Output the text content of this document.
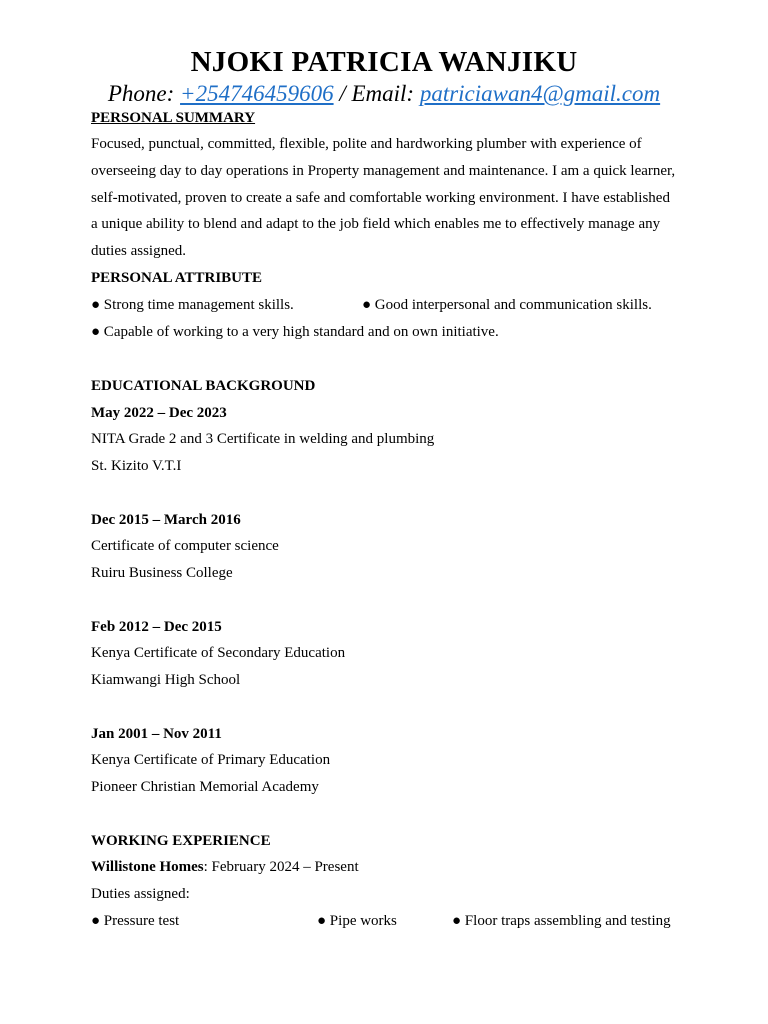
NJOKI PATRICIA WANJIKU
Phone: +254746459606 / Email: patriciawan4@gmail.com
PERSONAL SUMMARY
Focused, punctual, committed, flexible, polite and hardworking plumber with experience of
overseeing day to day operations in Property management and maintenance. I am a quick learner,
self-motivated, proven to create a safe and comfortable working environment. I have established
a unique ability to blend and adapt to the job field which enables me to effectively manage any
duties assigned.
PERSONAL ATTRIBUTE
● Strong time management skills.	● Good interpersonal and communication skills.
● Capable of working to a very high standard and on own initiative.
EDUCATIONAL BACKGROUND
May 2022 – Dec 2023
NITA Grade 2 and 3 Certificate in welding and plumbing
St. Kizito V.T.I
Dec 2015 – March 2016
Certificate of computer science
Ruiru Business College
Feb 2012 – Dec 2015
Kenya Certificate of Secondary Education
Kiamwangi High School
Jan 2001 – Nov 2011
Kenya Certificate of Primary Education
Pioneer Christian Memorial Academy
WORKING EXPERIENCE
Willistone Homes: February 2024 – Present
Duties assigned:
● Pressure test	● Pipe works	● Floor traps assembling and testing
